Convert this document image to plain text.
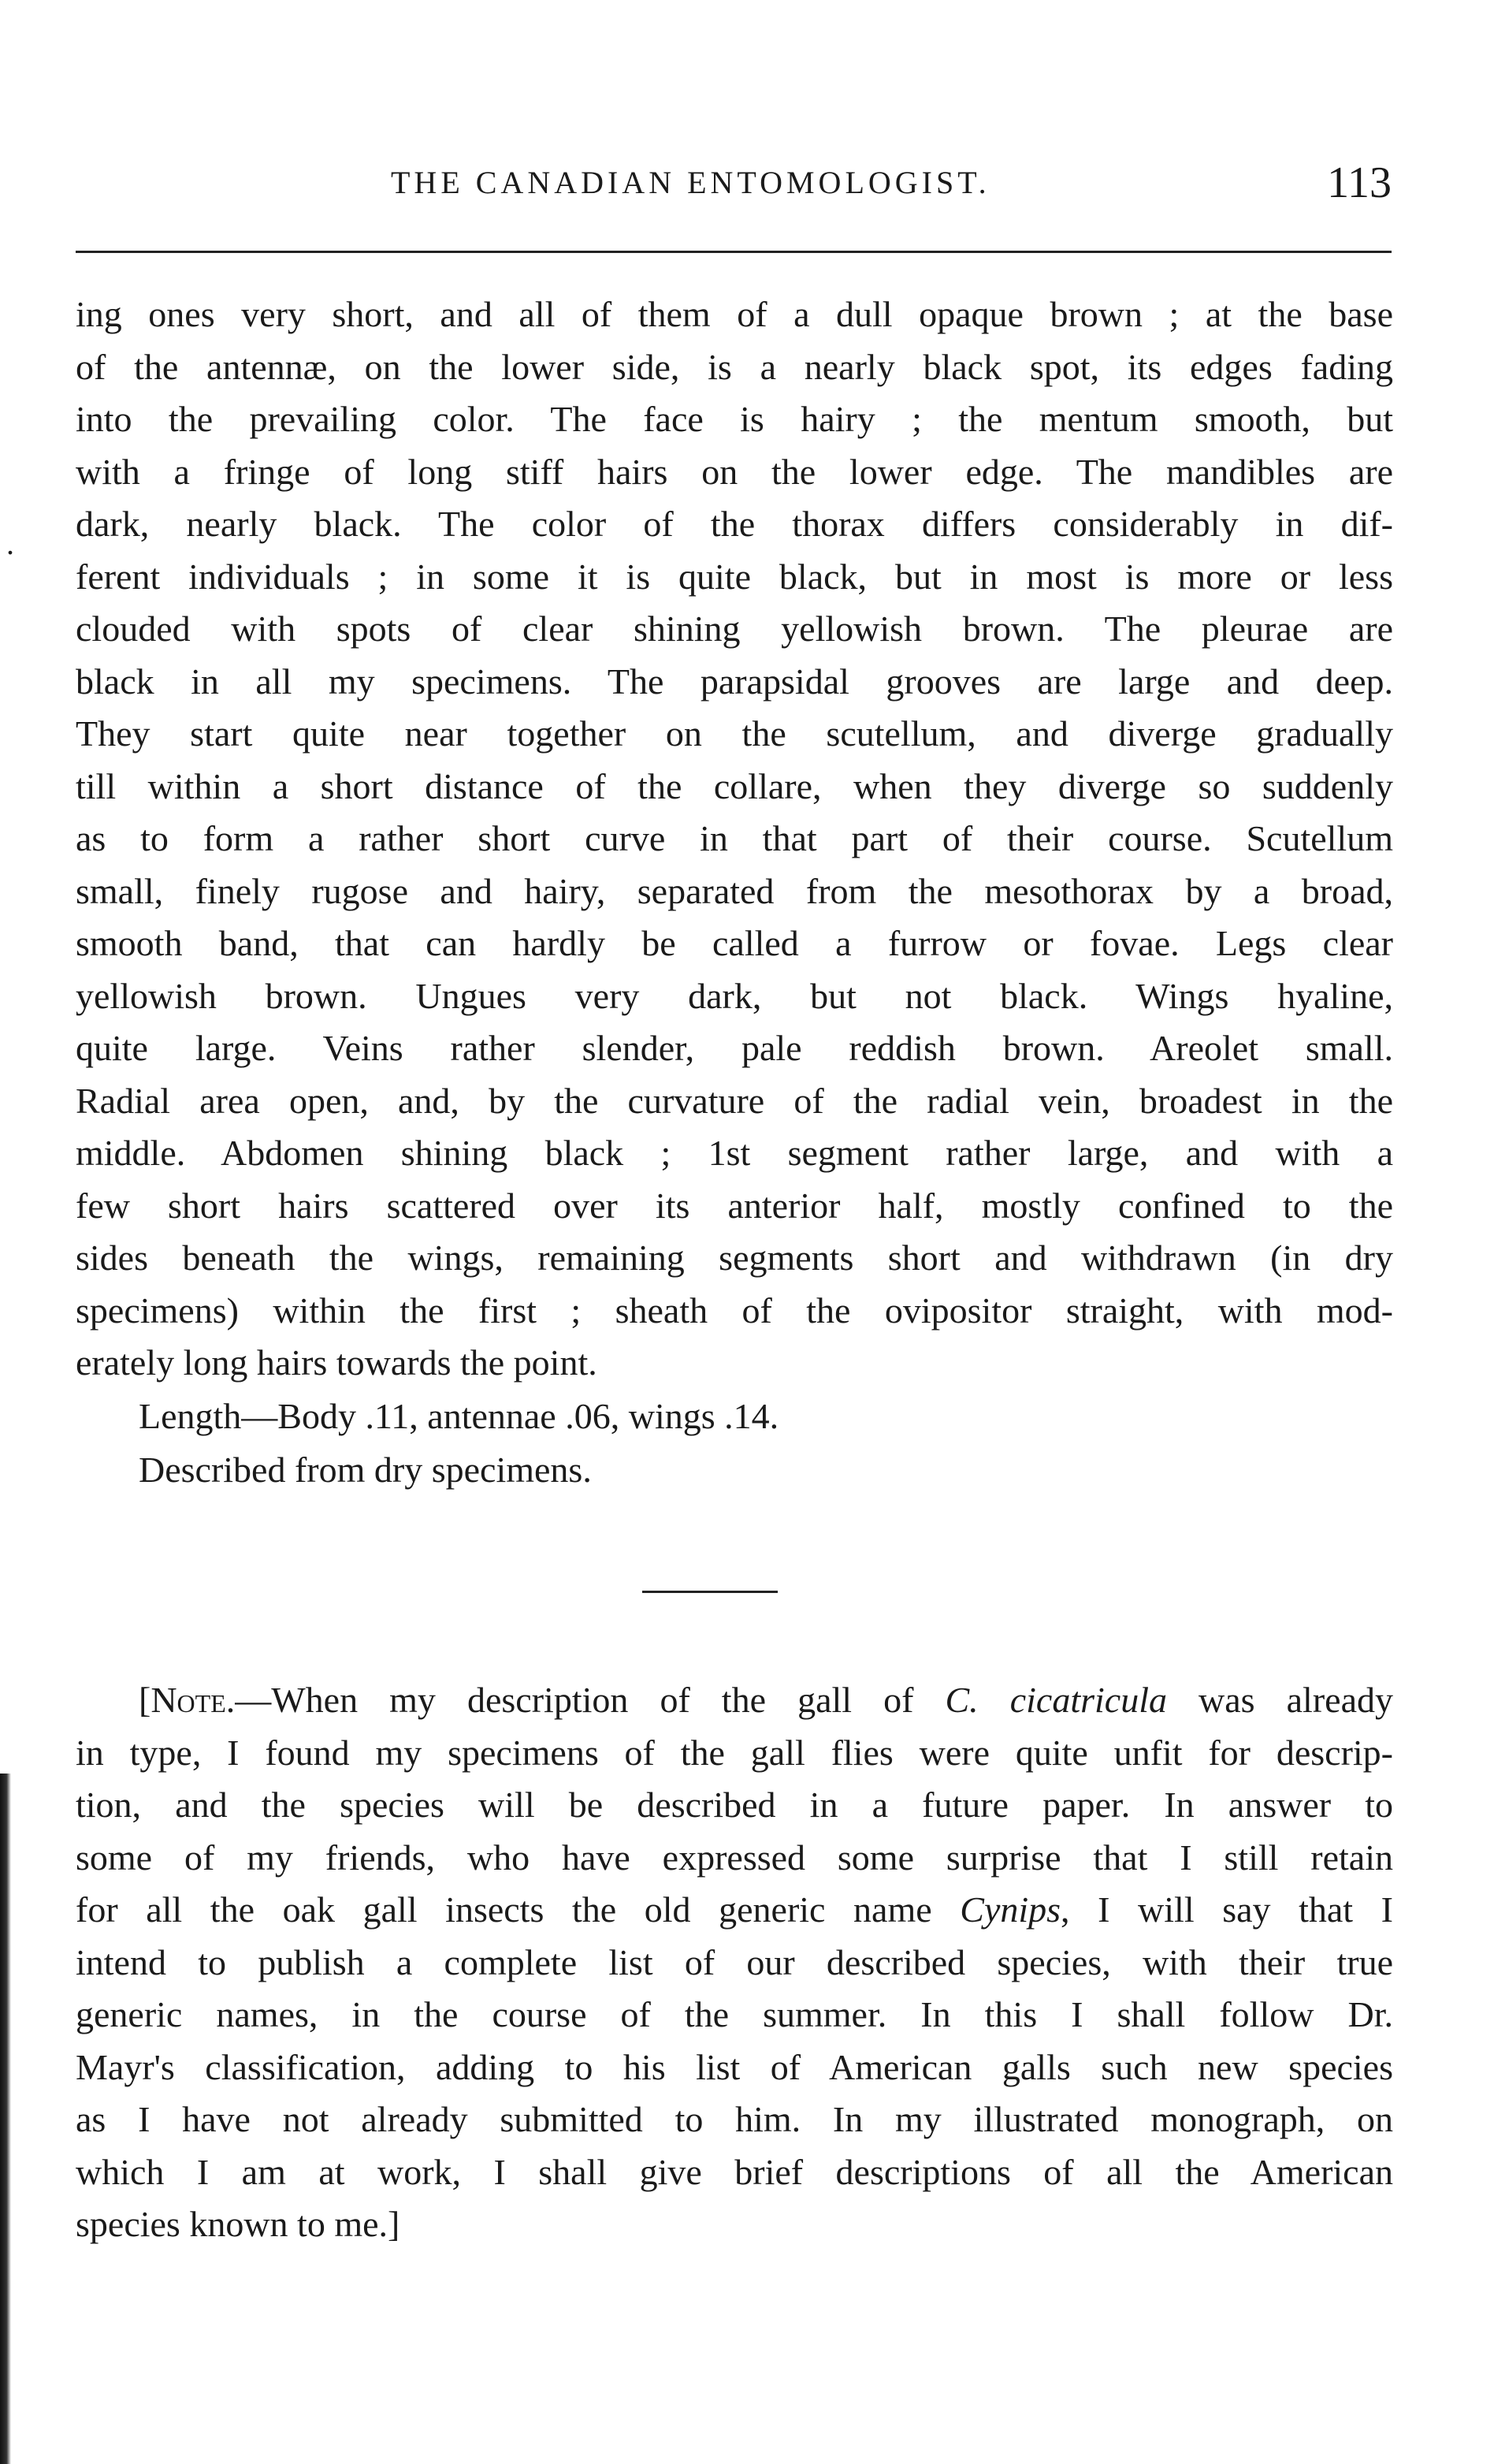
THE CANADIAN ENTOMOLOGIST.	113
.
ing ones very short, and all of them of a dull opaque brown ; at the base
of the antennæ, on the lower side, is a nearly black spot, its edges fading
into the prevailing color. The face is hairy ; the mentum smooth, but
with a fringe of long stiff hairs on the lower edge. The mandibles are
dark, nearly black. The color of the thorax differs considerably in dif-
ferent individuals ; in some it is quite black, but in most is more or less
clouded with spots of clear shining yellowish brown. The pleurae are
black in all my specimens. The parapsidal grooves are large and deep.
They start quite near together on the scutellum, and diverge gradually
till within a short distance of the collare, when they diverge so suddenly
as to form a rather short curve in that part of their course. Scutellum
small, finely rugose and hairy, separated from the mesothorax by a broad,
smooth band, that can hardly be called a furrow or fovae. Legs clear
yellowish brown. Ungues very dark, but not black. Wings hyaline,
quite large. Veins rather slender, pale reddish brown. Areolet small.
Radial area open, and, by the curvature of the radial vein, broadest in the
middle. Abdomen shining black ; 1st segment rather large, and with a
few short hairs scattered over its anterior half, mostly confined to the
sides beneath the wings, remaining segments short and withdrawn (in dry
specimens) within the first ; sheath of the ovipositor straight, with mod-
erately long hairs towards the point.
Length—Body .11, antennae .06, wings .14.
Described from dry specimens.
[Note.—When my description of the gall of C. cicatricula was already
in type, I found my specimens of the gall flies were quite unfit for descrip-
tion, and the species will be described in a future paper. In answer to
some of my friends, who have expressed some surprise that I still retain
for all the oak gall insects the old generic name Cynips, I will say that I
intend to publish a complete list of our described species, with their true
generic names, in the course of the summer. In this I shall follow Dr.
Mayr's classification, adding to his list of American galls such new species
as I have not already submitted to him. In my illustrated monograph, on
which I am at work, I shall give brief descriptions of all the American
species known to me.]
